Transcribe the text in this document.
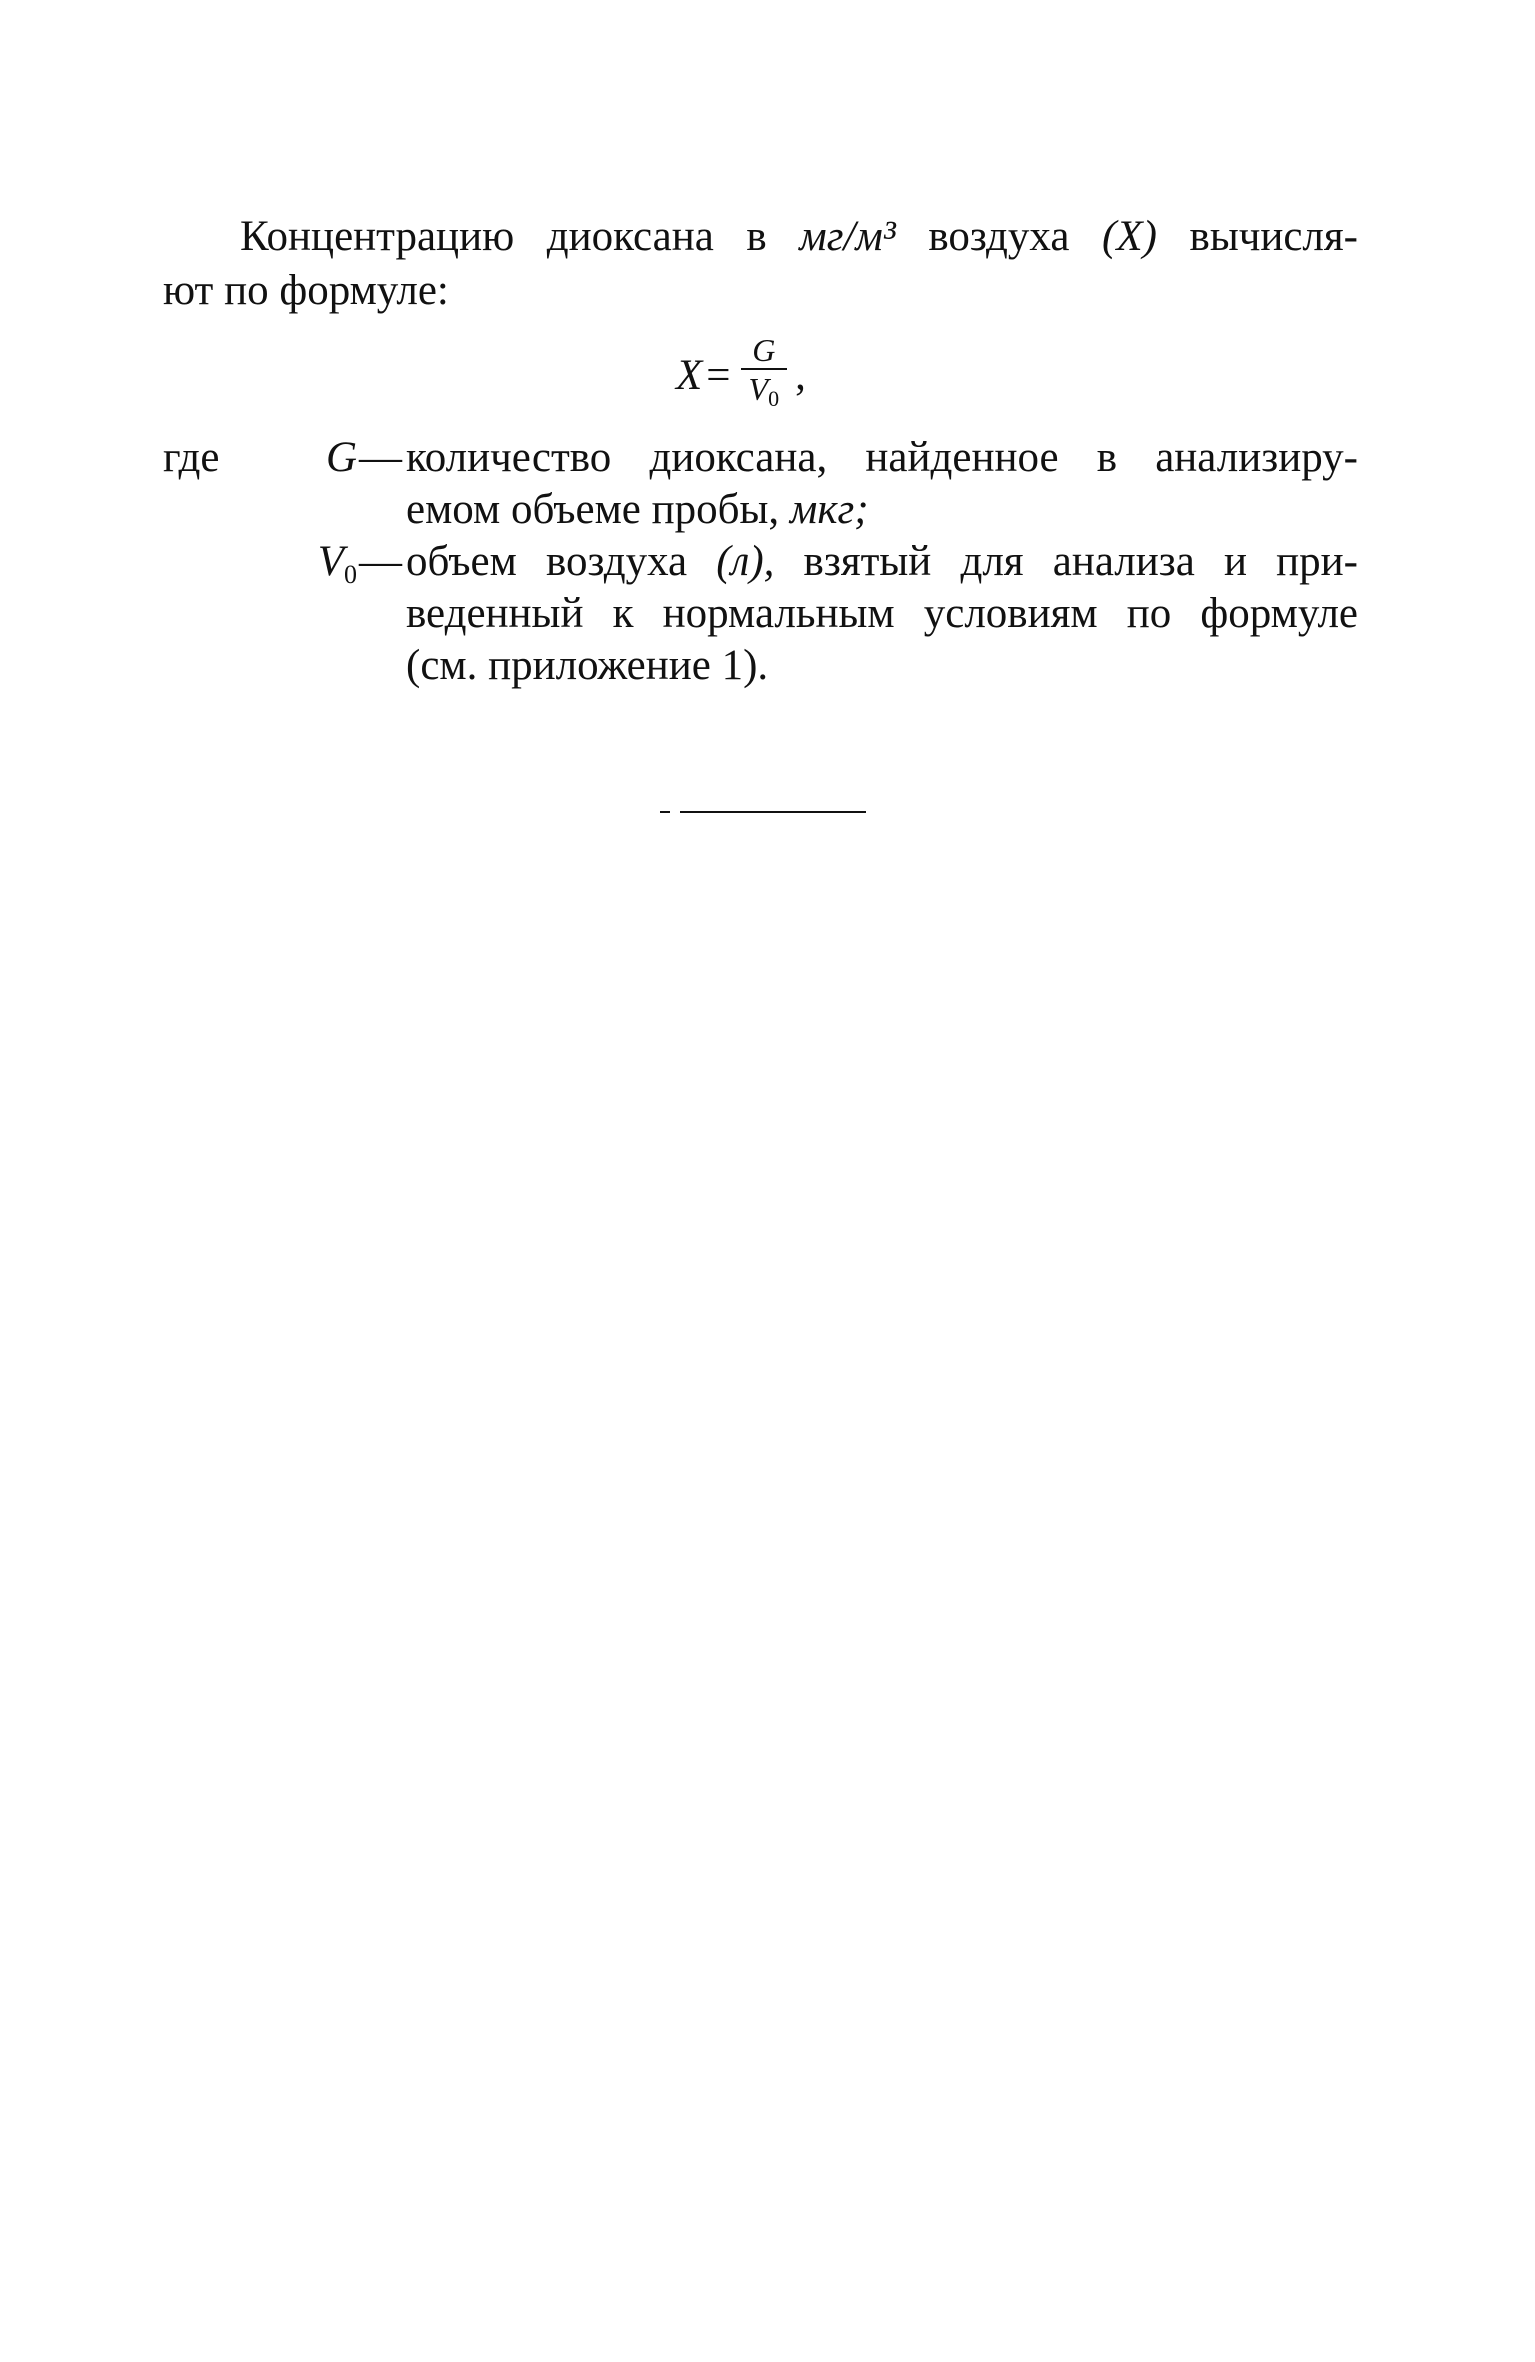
Концентрацию диоксана в мг/м³ воздуха (X) вычисля-
ют по формуле:
$X = \frac{G}{V_0}$ ,
где	G — количество диоксана, найденное в анализиру-
емом объеме пробы, мкг;
$V_0$ — объем воздуха (л), взятый для анализа и при-
веденный к нормальным условиям по формуле
(см. приложение 1).
